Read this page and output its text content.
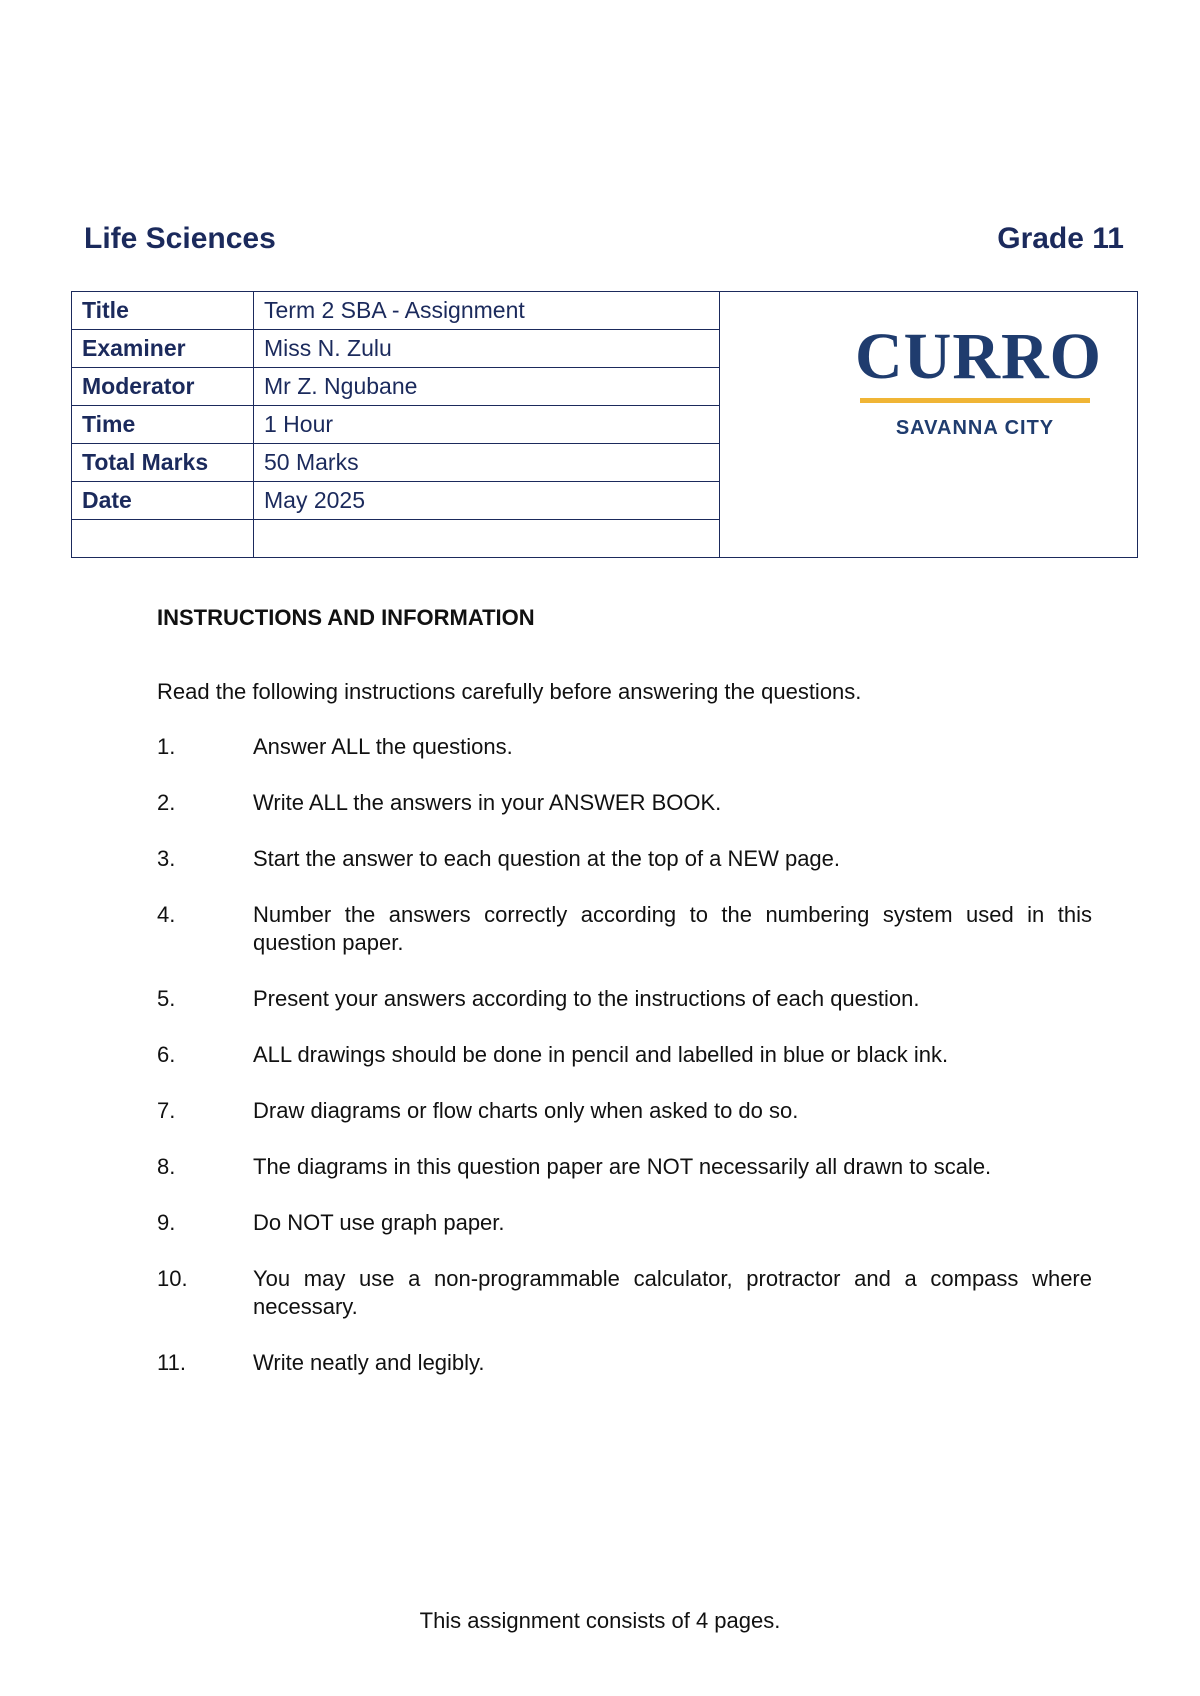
Life Sciences	Grade 11
Title	Term 2 SBA - Assignment	CURRO
SAVANNA CITY

Examiner	Miss N. Zulu	
Moderator	Mr Z. Ngubane	
Time	1 Hour	
Total Marks	50 Marks	
Date	May 2025	

INSTRUCTIONS AND INFORMATION
Read the following instructions carefully before answering the questions.
1.	Answer ALL the questions.
2.	Write ALL the answers in your ANSWER BOOK.
3.	Start the answer to each question at the top of a NEW page.
4.	Number the answers correctly according to the numbering system used in this question paper.
5.	Present your answers according to the instructions of each question.
6.	ALL drawings should be done in pencil and labelled in blue or black ink.
7.	Draw diagrams or flow charts only when asked to do so.
8.	The diagrams in this question paper are NOT necessarily all drawn to scale.
9.	Do NOT use graph paper.
10.	You may use a non-programmable calculator, protractor and a compass where necessary.
11.	Write neatly and legibly.
This assignment consists of 4 pages.
